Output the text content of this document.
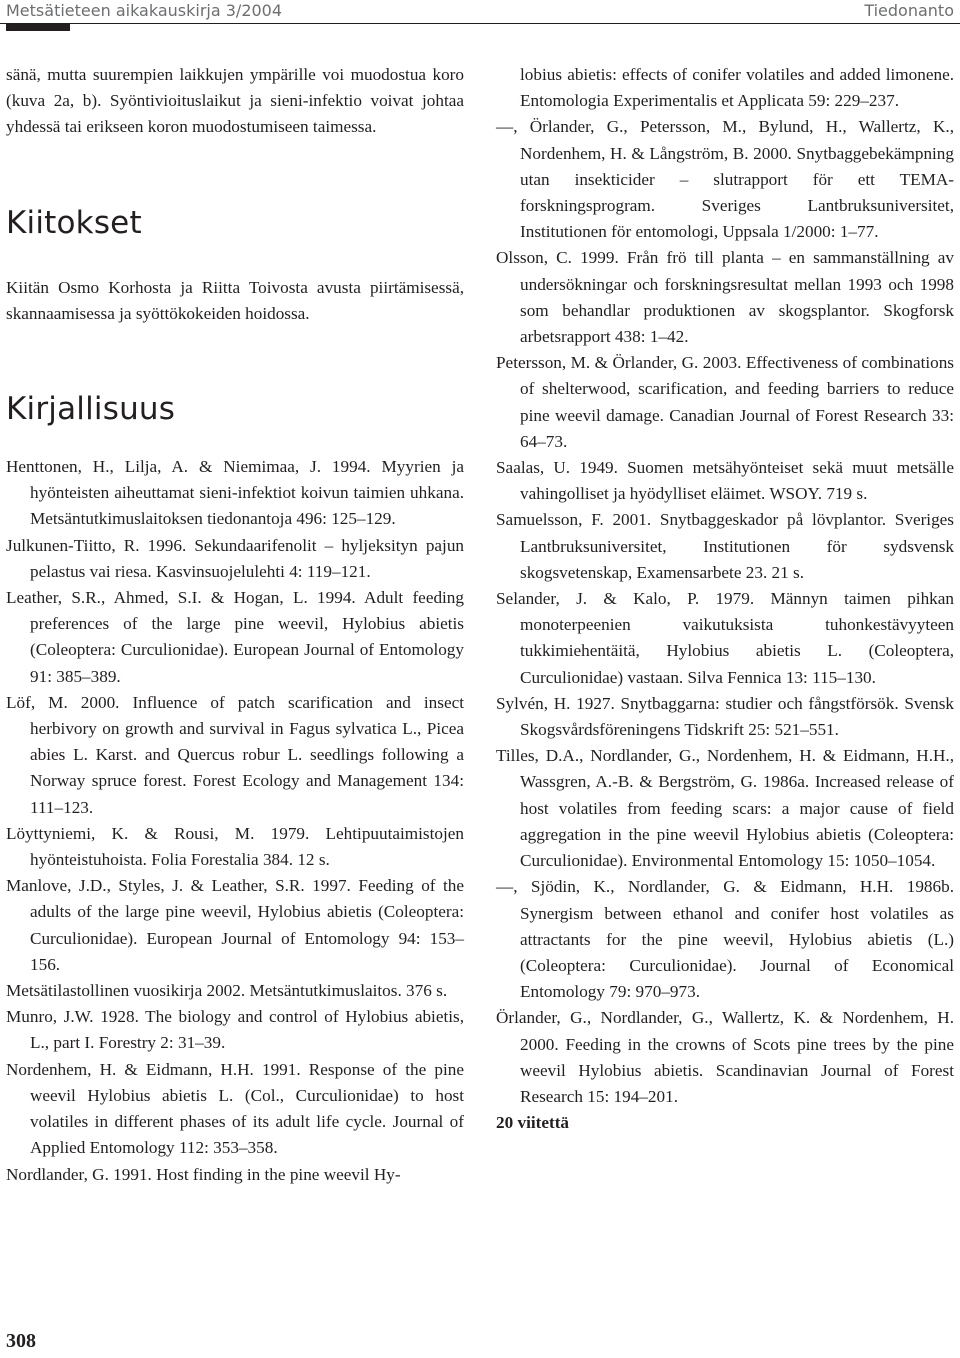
Metsätieteen aikakauskirja 3/2004	Tiedonanto

sänä, mutta suurempien laikkujen ympärille voi muodostua koro (kuva 2a, b). Syöntivioituslaikut ja sieni-infektio voivat johtaa yhdessä tai erikseen koron muodostumiseen taimessa.

Kiitokset

Kiitän Osmo Korhosta ja Riitta Toivosta avusta piirtämisessä, skannaamisessa ja syöttökokeiden hoidossa.

Kirjallisuus

Henttonen, H., Lilja, A. & Niemimaa, J. 1994. Myyrien ja hyönteisten aiheuttamat sieni-infektiot koivun taimien uhkana. Metsäntutkimuslaitoksen tiedonantoja 496: 125–129.

Julkunen-Tiitto, R. 1996. Sekundaarifenolit – hyljeksityn pajun pelastus vai riesa. Kasvinsuojelulehti 4: 119–121.

Leather, S.R., Ahmed, S.I. & Hogan, L. 1994. Adult feeding preferences of the large pine weevil, Hylobius abietis (Coleoptera: Curculionidae). European Journal of Entomology 91: 385–389.

Löf, M. 2000. Influence of patch scarification and insect herbivory on growth and survival in Fagus sylvatica L., Picea abies L. Karst. and Quercus robur L. seedlings following a Norway spruce forest. Forest Ecology and Management 134: 111–123.

Löyttyniemi, K. & Rousi, M. 1979. Lehtipuutaimistojen hyönteistuhoista. Folia Forestalia 384. 12 s.

Manlove, J.D., Styles, J. & Leather, S.R. 1997. Feeding of the adults of the large pine weevil, Hylobius abietis (Coleoptera: Curculionidae). European Journal of Entomology 94: 153–156.

Metsätilastollinen vuosikirja 2002. Metsäntutkimuslaitos. 376 s.

Munro, J.W. 1928. The biology and control of Hylobius abietis, L., part I. Forestry 2: 31–39.

Nordenhem, H. & Eidmann, H.H. 1991. Response of the pine weevil Hylobius abietis L. (Col., Curculionidae) to host volatiles in different phases of its adult life cycle. Journal of Applied Entomology 112: 353–358.

Nordlander, G. 1991. Host finding in the pine weevil Hy-

lobius abietis: effects of conifer volatiles and added limonene. Entomologia Experimentalis et Applicata 59: 229–237.

—, Örlander, G., Petersson, M., Bylund, H., Wallertz, K., Nordenhem, H. & Långström, B. 2000. Snytbaggebekämpning utan insekticider – slutrapport för ett TEMA-forskningsprogram. Sveriges Lantbruksuniversitet, Institutionen för entomologi, Uppsala 1/2000: 1–77.

Olsson, C. 1999. Från frö till planta – en sammanställning av undersökningar och forskningsresultat mellan 1993 och 1998 som behandlar produktionen av skogsplantor. Skogforsk arbetsrapport 438: 1–42.

Petersson, M. & Örlander, G. 2003. Effectiveness of combinations of shelterwood, scarification, and feeding barriers to reduce pine weevil damage. Canadian Journal of Forest Research 33: 64–73.

Saalas, U. 1949. Suomen metsähyönteiset sekä muut metsälle vahingolliset ja hyödylliset eläimet. WSOY. 719 s.

Samuelsson, F. 2001. Snytbaggeskador på lövplantor. Sveriges Lantbruksuniversitet, Institutionen för sydsvensk skogsvetenskap, Examensarbete 23. 21 s.

Selander, J. & Kalo, P. 1979. Männyn taimen pihkan monoterpeenien vaikutuksista tuhonkestävyyteen tukkimiehentäitä, Hylobius abietis L. (Coleoptera, Curculionidae) vastaan. Silva Fennica 13: 115–130.

Sylvén, H. 1927. Snytbaggarna: studier och fångstförsök. Svensk Skogsvårdsföreningens Tidskrift 25: 521–551.

Tilles, D.A., Nordlander, G., Nordenhem, H. & Eidmann, H.H., Wassgren, A.-B. & Bergström, G. 1986a. Increased release of host volatiles from feeding scars: a major cause of field aggregation in the pine weevil Hylobius abietis (Coleoptera: Curculionidae). Environmental Entomology 15: 1050–1054.

—, Sjödin, K., Nordlander, G. & Eidmann, H.H. 1986b. Synergism between ethanol and conifer host volatiles as attractants for the pine weevil, Hylobius abietis (L.) (Coleoptera: Curculionidae). Journal of Economical Entomology 79: 970–973.

Örlander, G., Nordlander, G., Wallertz, K. & Nordenhem, H. 2000. Feeding in the crowns of Scots pine trees by the pine weevil Hylobius abietis. Scandinavian Journal of Forest Research 15: 194–201.

20 viitettä

308
